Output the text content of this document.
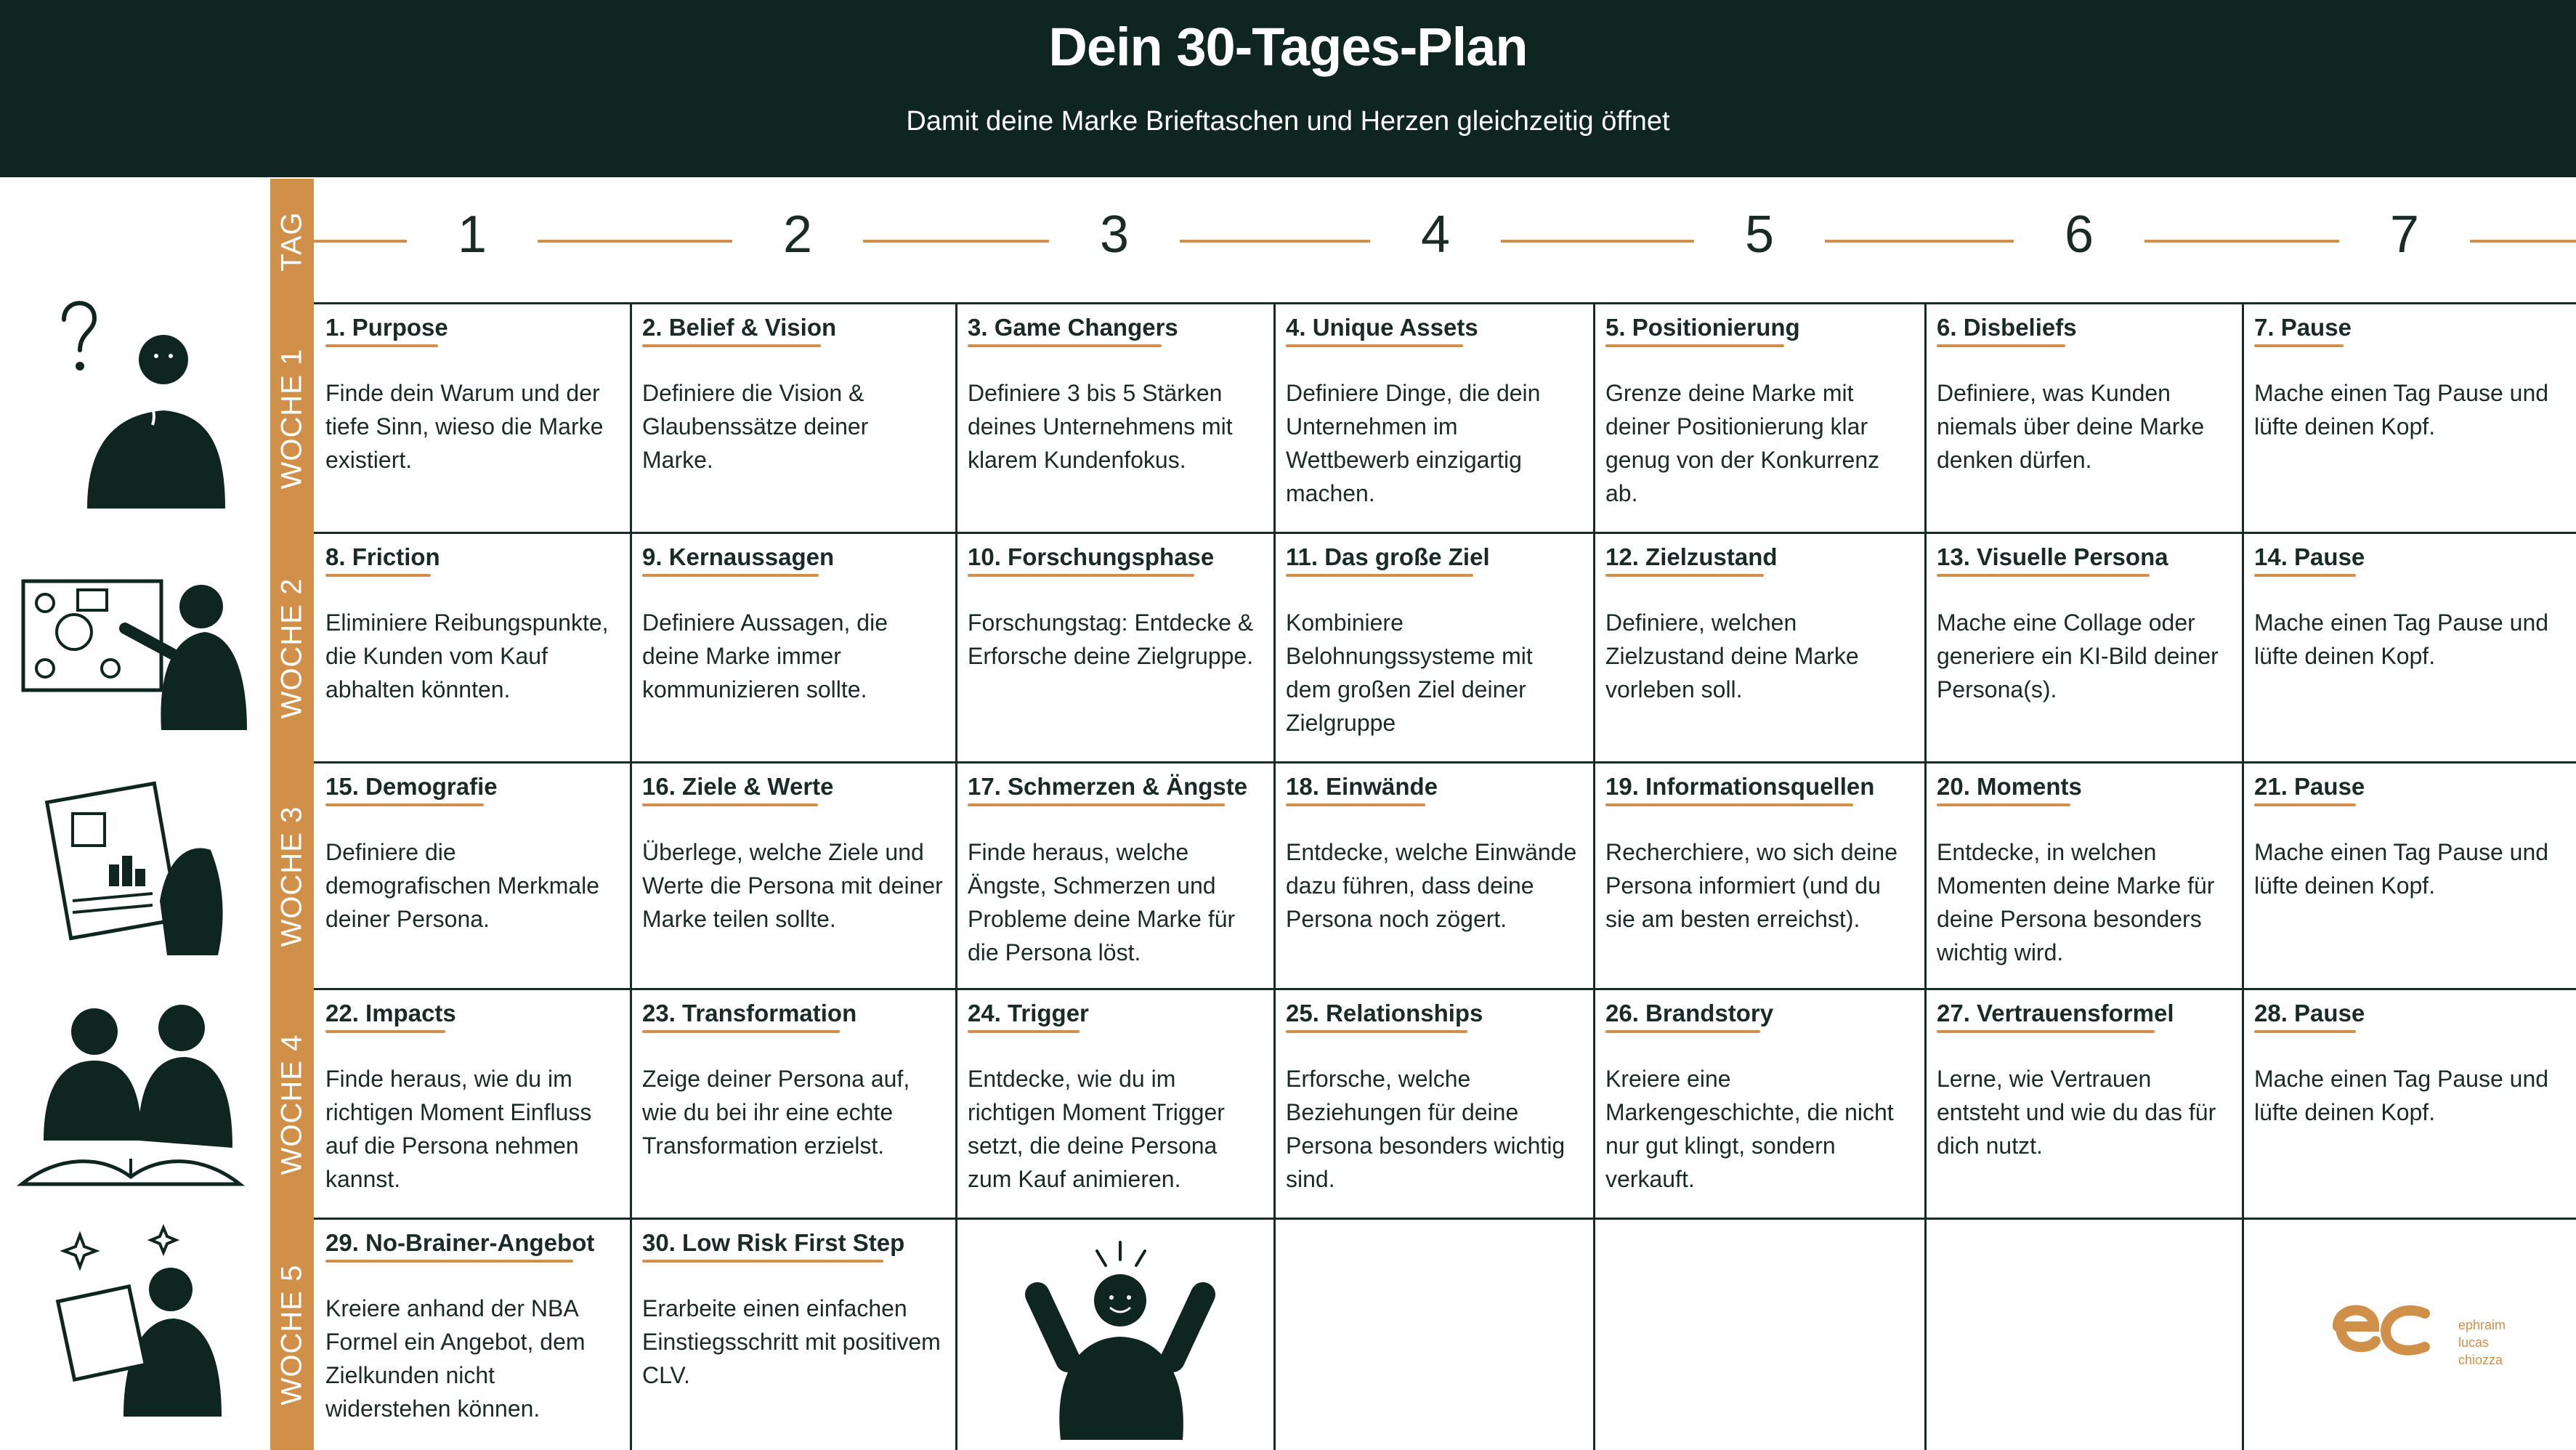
Dein 30-Tages-Plan
Damit deine Marke Brieftaschen und Herzen gleichzeitig öffnet
TAG
WOCHE 1
WOCHE 2
WOCHE 3
WOCHE 4
WOCHE 5
1	2	3	4	5	6	7
1. Purpose
Finde dein Warum und der tiefe Sinn, wieso die Marke existiert.
2. Belief & Vision
Definiere die Vision & Glaubenssätze deiner Marke.
3. Game Changers
Definiere 3 bis 5 Stärken deines Unternehmens mit klarem Kundenfokus.
4. Unique Assets
Definiere Dinge, die dein Unternehmen im Wettbewerb einzigartig machen.
5. Positionierung
Grenze deine Marke mit deiner Positionierung klar genug von der Konkurrenz ab.
6. Disbeliefs
Definiere, was Kunden niemals über deine Marke denken dürfen.
7. Pause
Mache einen Tag Pause und lüfte deinen Kopf.
8. Friction
Eliminiere Reibungspunkte, die Kunden vom Kauf abhalten könnten.
9. Kernaussagen
Definiere Aussagen, die deine Marke immer kommunizieren sollte.
10. Forschungsphase
Forschungstag: Entdecke & Erforsche deine Zielgruppe.
11. Das große Ziel
Kombiniere Belohnungssysteme mit dem großen Ziel deiner Zielgruppe
12. Zielzustand
Definiere, welchen Zielzustand deine Marke vorleben soll.
13. Visuelle Persona
Mache eine Collage oder generiere ein KI-Bild deiner Persona(s).
14. Pause
Mache einen Tag Pause und lüfte deinen Kopf.
15. Demografie
Definiere die demografischen Merkmale deiner Persona.
16. Ziele & Werte
Überlege, welche Ziele und Werte die Persona mit deiner Marke teilen sollte.
17. Schmerzen & Ängste
Finde heraus, welche Ängste, Schmerzen und Probleme deine Marke für die Persona löst.
18. Einwände
Entdecke, welche Einwände dazu führen, dass deine Persona noch zögert.
19. Informationsquellen
Recherchiere, wo sich deine Persona informiert (und du sie am besten erreichst).
20. Moments
Entdecke, in welchen Momenten deine Marke für deine Persona besonders wichtig wird.
21. Pause
Mache einen Tag Pause und lüfte deinen Kopf.
22. Impacts
Finde heraus, wie du im richtigen Moment Einfluss auf die Persona nehmen kannst.
23. Transformation
Zeige deiner Persona auf, wie du bei ihr eine echte Transformation erzielst.
24. Trigger
Entdecke, wie du im richtigen Moment Trigger setzt, die deine Persona zum Kauf animieren.
25. Relationships
Erforsche, welche Beziehungen für deine Persona besonders wichtig sind.
26. Brandstory
Kreiere eine Markengeschichte, die nicht nur gut klingt, sondern verkauft.
27. Vertrauensformel
Lerne, wie Vertrauen entsteht und wie du das für dich nutzt.
28. Pause
Mache einen Tag Pause und lüfte deinen Kopf.
29. No-Brainer-Angebot
Kreiere anhand der NBA Formel ein Angebot, dem Zielkunden nicht widerstehen können.
30. Low Risk First Step
Erarbeite einen einfachen Einstiegsschritt mit positivem CLV.
ephraim
lucas
chiozza
